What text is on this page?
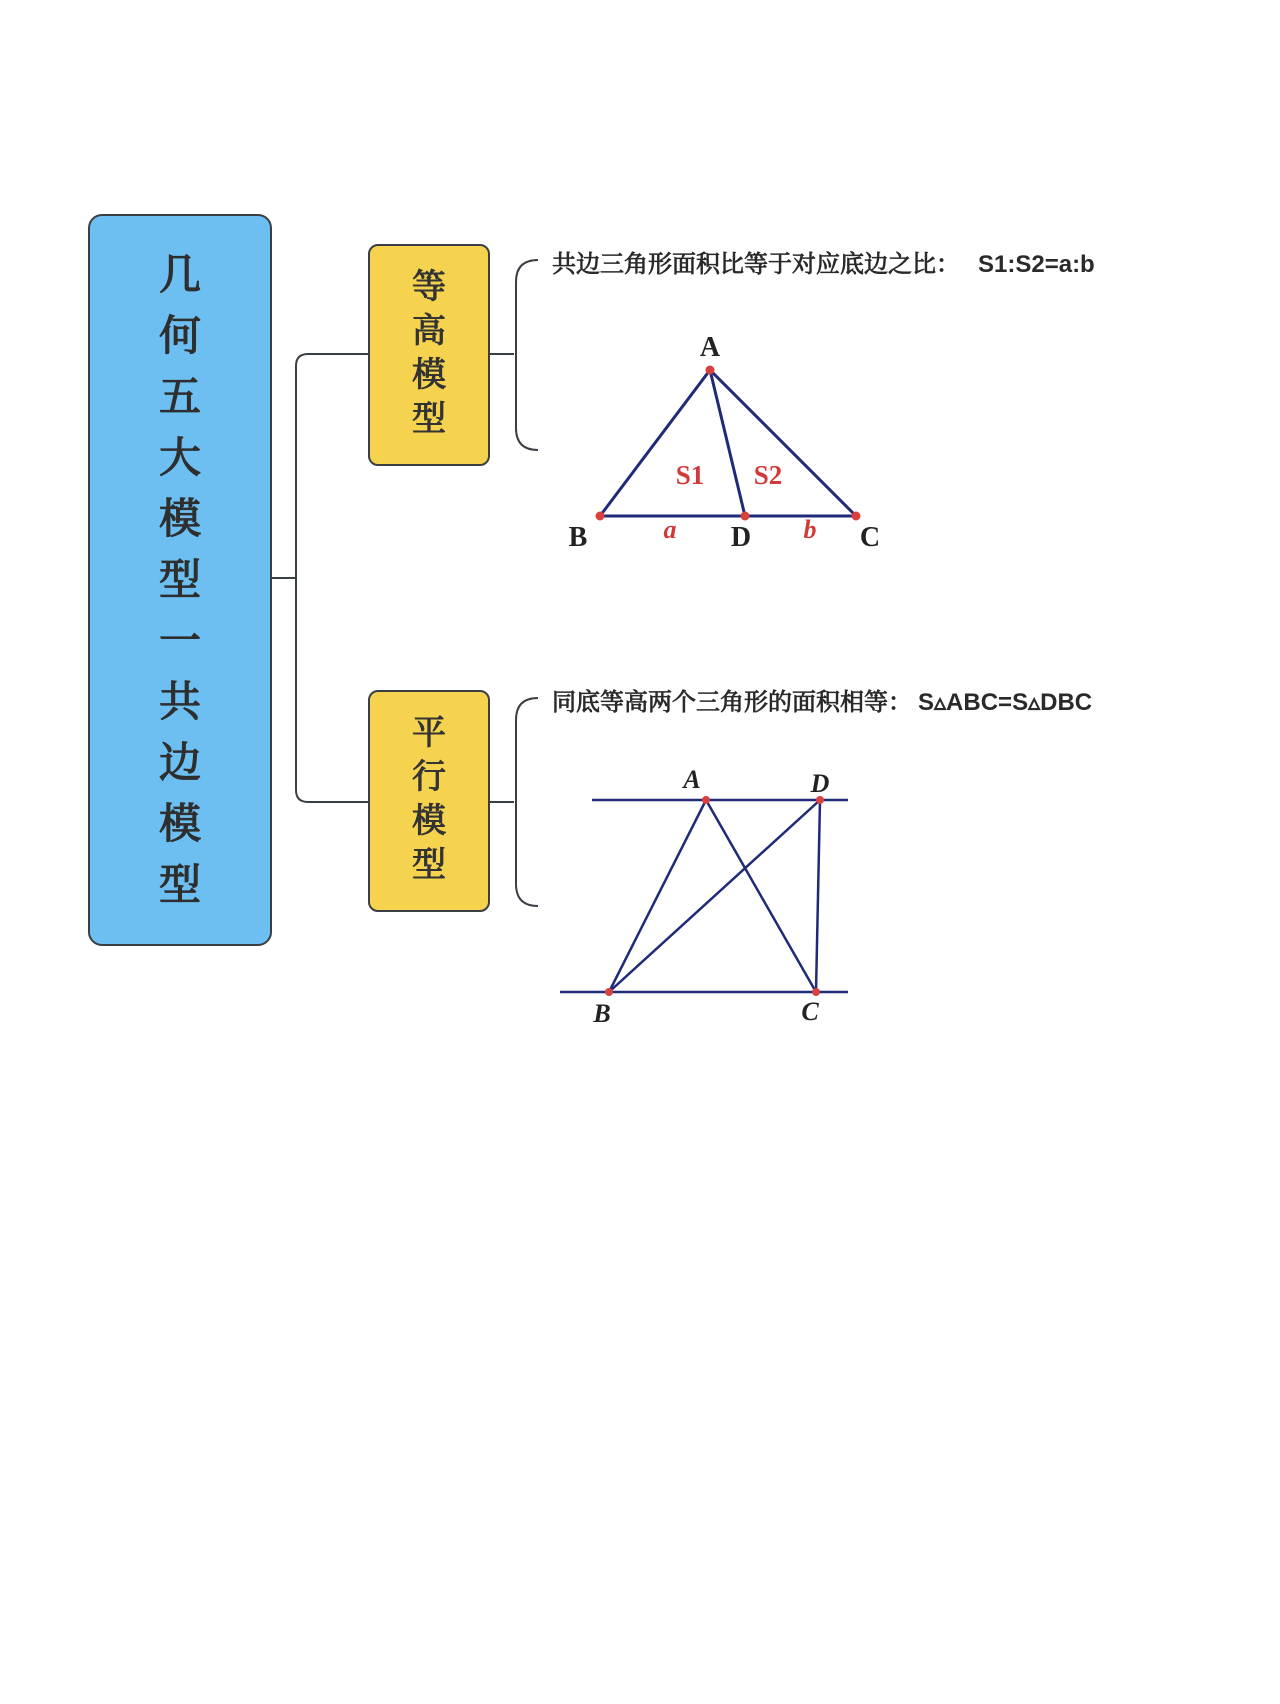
几
何
五
大
模
型
一
共
边
模
型
等
高
模
型
共边三角形面积比等于对应底边之比： S1:S2=a:b
A
B	D	C
S1 S2
a	b
平
行
模
型
同底等高两个三角形的面积相等： S▵ABC=S▵DBC
A	D
B	C
